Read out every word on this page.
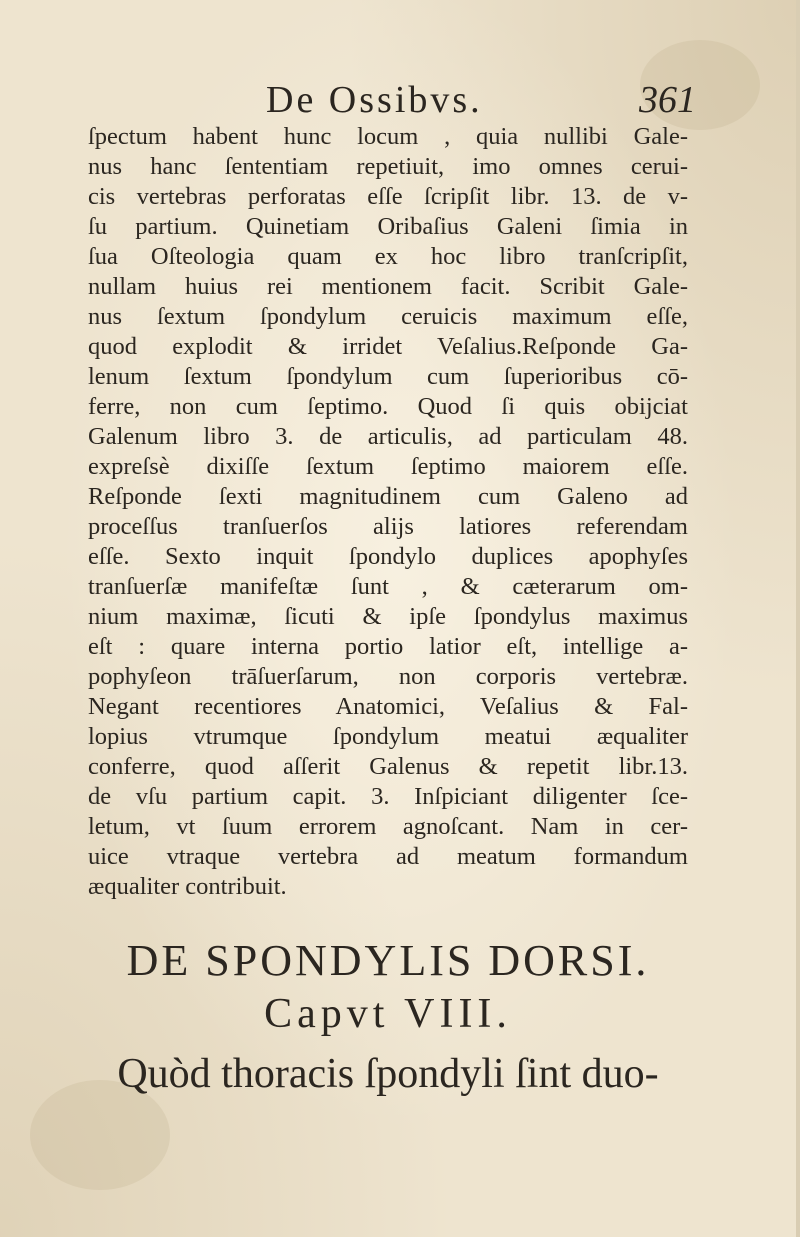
De Ossibvs.	361
ſpectum habent hunc locum , quia nullibi Gale-
nus hanc ſententiam repetiuit, imo omnes ceruі-
cis vertebras perforatas eſſe ſcripſit libr. 13. de v-
ſu partium. Quinetiam Oribaſius Galeni ſimia in
ſua Oſteologia quam ex hoc libro tranſcripſit,
nullam huius rei mentionem facit. Scribit Gale-
nus ſextum ſpondylum ceruicis maximum eſſe,
quod explodit & irridet Veſalius.Reſponde Ga-
lenum ſextum ſpondylum cum ſuperioribus cō-
ferre, non cum ſeptimo. Quod ſi quis obijciat
Galenum libro 3. de articulis, ad particulam 48.
expreſsè dixiſſe ſextum ſeptimo maiorem eſſe.
Reſponde ſexti magnitudinem cum Galeno ad
proceſſus tranſuerſos alijs latiores referendam
eſſe. Sexto inquit ſpondylo duplices apophyſes
tranſuerſæ manifeſtæ ſunt , & cæterarum om-
nium maximæ, ſicuti & ipſe ſpondylus maximus
eſt : quare interna portio latior eſt, intellige a-
pophyſeon trāſuerſarum, non corporis vertebræ.
Negant recentiores Anatomici, Veſalius & Fal-
lopius vtrumque ſpondylum meatui æqualiter
conferre, quod aſſerit Galenus & repetit libr.13.
de vſu partium capit. 3. Inſpiciant diligenter ſce-
letum, vt ſuum errorem agnoſcant. Nam in cer-
uice vtraque vertebra ad meatum formandum
æqualiter contribuit.
DE SPONDYLIS DORSI.
Capvt VIII.
Quòd thoracis ſpondyli ſint duo-
